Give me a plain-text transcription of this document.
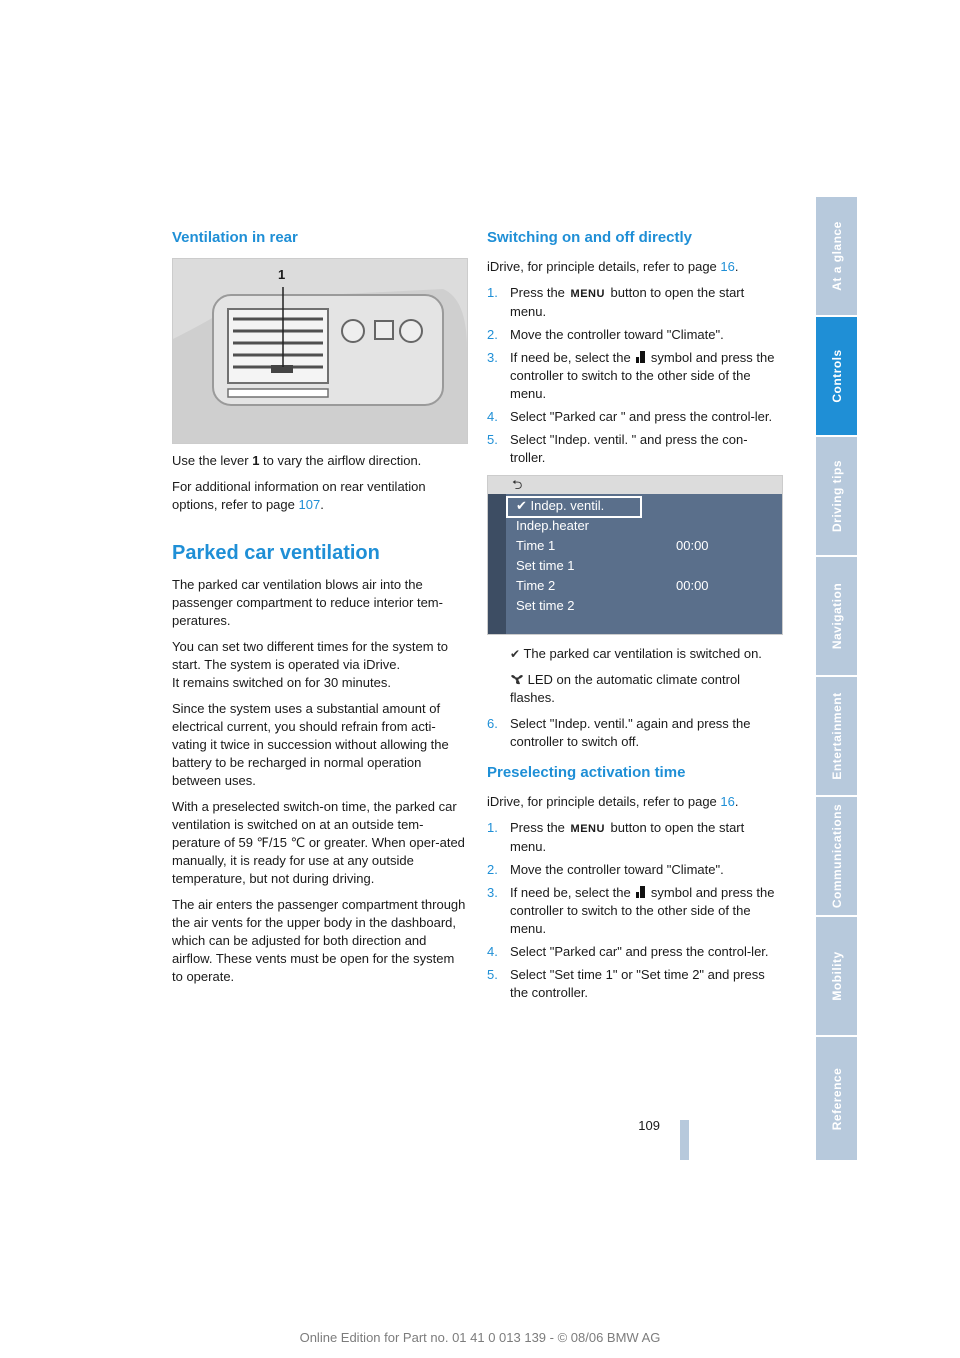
Ventilation in rear
1

Use the lever 1 to vary the airflow direction.

For additional information on rear ventilation options, refer to page 107.

Parked car ventilation

The parked car ventilation blows air into the passenger compartment to reduce interior tem-peratures.

You can set two different times for the system to start. The system is operated via iDrive.
It remains switched on for 30 minutes.

Since the system uses a substantial amount of electrical current, you should refrain from acti-vating it twice in succession without allowing the battery to be recharged in normal operation between uses.

With a preselected switch-on time, the parked car ventilation is switched on at an outside tem-perature of 59 ℉/15 ℃ or greater. When oper-ated manually, it is ready for use at any outside temperature, but not during driving.

The air enters the passenger compartment through the air vents for the upper body in the dashboard, which can be adjusted for both direction and airflow. These vents must be open for the system to operate.

Switching on and off directly

iDrive, for principle details, refer to page 16.

1. Press the MENU button to open the start menu.
2. Move the controller toward "Climate".
3. If need be, select the  symbol and press the controller to switch to the other side of the menu.
4. Select "Parked car " and press the control-ler.
5. Select "Indep. ventil. " and press the con-troller.
⮌
✔ Indep. ventil.
Indep.heater
Time 1	00:00
Set time 1
Time 2	00:00
Set time 2

✔ The parked car ventilation is switched on.

LED on the automatic climate control flashes.

6. Select "Indep. ventil." again and press the controller to switch off.
Preselecting activation time

iDrive, for principle details, refer to page 16.

1. Press the MENU button to open the start menu.
2. Move the controller toward "Climate".
3. If need be, select the  symbol and press the controller to switch to the other side of the menu.
4. Select "Parked car" and press the control-ler.
5. Select "Set time 1" or "Set time 2" and press the controller.
At a glance
Controls
Driving tips
Navigation
Entertainment
Communications
Mobility
Reference
109
Online Edition for Part no. 01 41 0 013 139 - © 08/06 BMW AG
